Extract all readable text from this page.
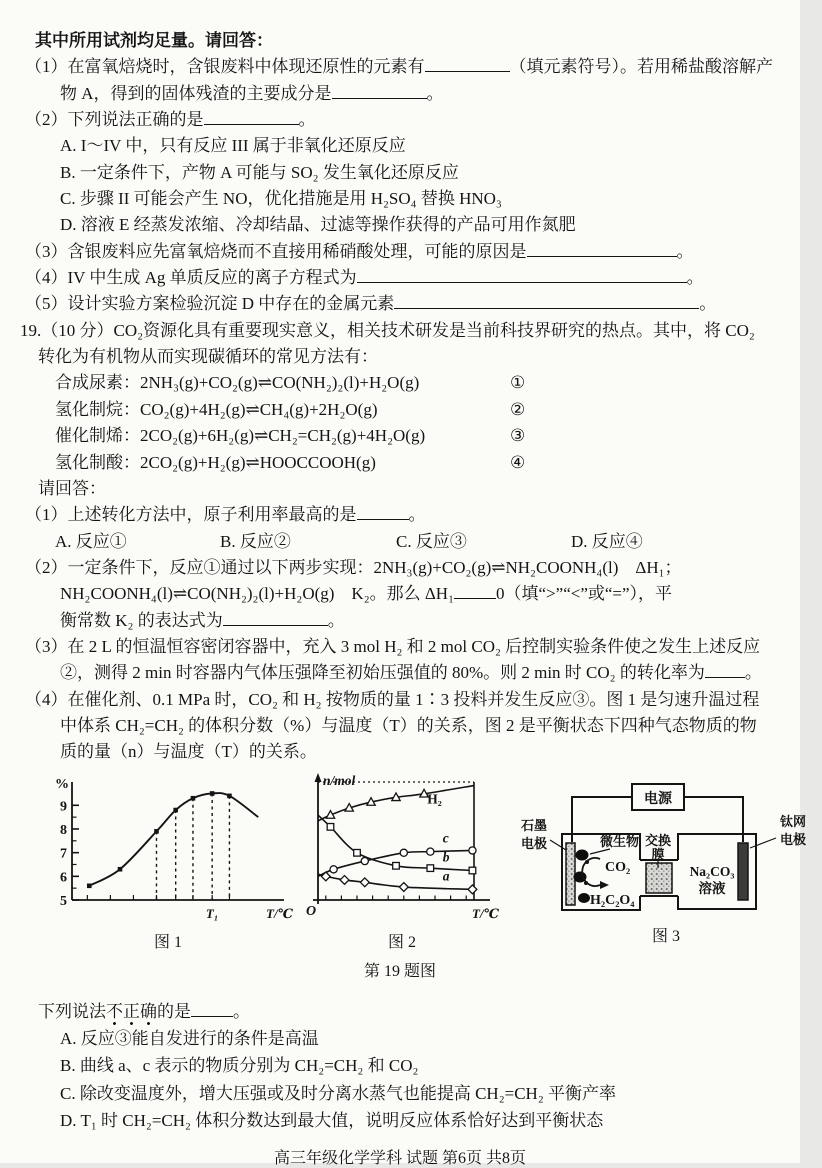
其中所用试剂均足量。请回答：
（1）在富氧焙烧时，含银废料中体现还原性的元素有	（填元素符号）。若用稀盐酸溶解产
物 A，得到的固体残渣的主要成分是	。
（2）下列说法正确的是	。
A. I～IV 中，只有反应 III 属于非氧化还原反应
B. 一定条件下，产物 A 可能与 SO₂ 发生氧化还原反应
C. 步骤 II 可能会产生 NO，优化措施是用 H₂SO₄ 替换 HNO₃
D. 溶液 E 经蒸发浓缩、冷却结晶、过滤等操作获得的产品可用作氮肥
（3）含银废料应先富氧焙烧而不直接用稀硝酸处理，可能的原因是	。
（4）IV 中生成 Ag 单质反应的离子方程式为	。
（5）设计实验方案检验沉淀 D 中存在的金属元素	。
19.（10 分）CO₂资源化具有重要现实意义，相关技术研发是当前科技界研究的热点。其中，将 CO₂
转化为有机物从而实现碳循环的常见方法有：
合成尿素：2NH₃(g)+CO₂(g)⇌CO(NH₂)₂(l)+H₂O(g)	①
氢化制烷：CO₂(g)+4H₂(g)⇌CH₄(g)+2H₂O(g)	②
催化制烯：2CO₂(g)+6H₂(g)⇌CH₂=CH₂(g)+4H₂O(g)	③
氢化制酸：2CO₂(g)+H₂(g)⇌HOOCCOOH(g)	④
请回答：
（1）上述转化方法中，原子利用率最高的是	。
A. 反应①	B. 反应②	C. 反应③	D. 反应④
（2）一定条件下，反应①通过以下两步实现：2NH₃(g)+CO₂(g)⇌NH₂COONH₄(l)　ΔH₁；
NH₂COONH₄(l)⇌CO(NH₂)₂(l)+H₂O(g)　K₂。那么 ΔH₁ 0（填“>”“<”或“=”），平
衡常数 K₂ 的表达式为	。
（3）在 2 L 的恒温恒容密闭容器中，充入 3 mol H₂ 和 2 mol CO₂ 后控制实验条件使之发生上述反应
②，测得 2 min 时容器内气体压强降至初始压强值的 80%。则 2 min 时 CO₂ 的转化率为 。
（4）在催化剂、0.1 MPa 时，CO₂ 和 H₂ 按物质的量 1∶3 投料并发生反应③。图 1 是匀速升温过程
中体系 CH₂=CH₂ 的体积分数（%）与温度（T）的关系，图 2 是平衡状态下四种气态物质的物
质的量（n）与温度（T）的关系。
5
6
7
8
9
%
T/℃
T₁
图 1
H₂
c
b
a
n/mol
O	T/℃
图 2
电源
微生物
CO₂
H₂C₂O₄
交换
膜
Na₂CO₃
溶液
石墨
电极
钛网
电极
图 3
第 19 题图
下列说法不正确的是 。
A. 反应③能自发进行的条件是高温
B. 曲线 a、c 表示的物质分别为 CH₂=CH₂ 和 CO₂
C. 除改变温度外，增大压强或及时分离水蒸气也能提高 CH₂=CH₂ 平衡产率
D. T₁ 时 CH₂=CH₂ 体积分数达到最大值，说明反应体系恰好达到平衡状态
高三年级化学学科 试题 第6页 共8页
